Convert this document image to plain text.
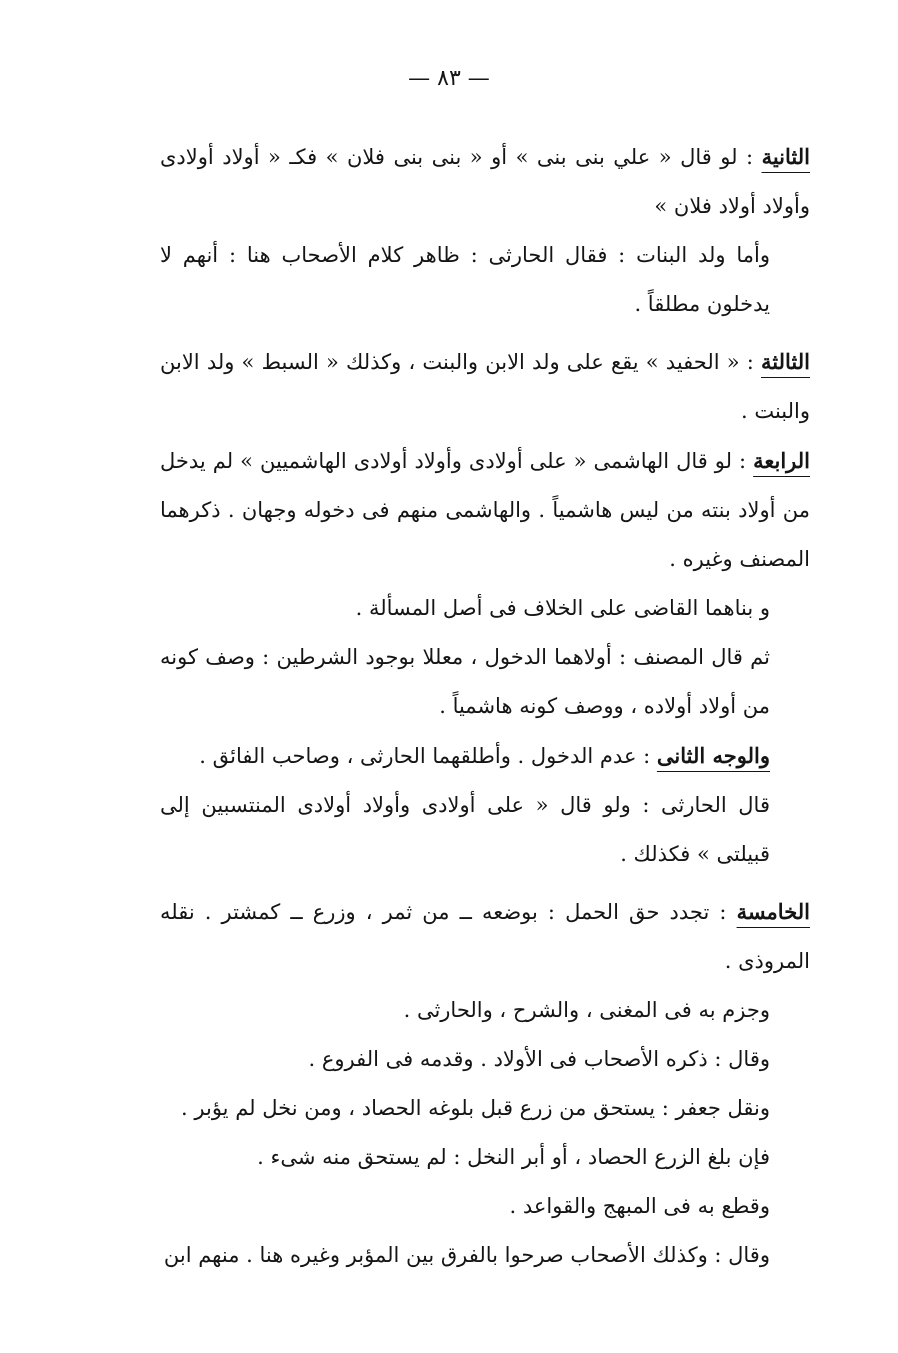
— ٨٣ —

الثانية : لو قال « علي بنى بنى » أو « بنى بنى فلان » فكـ « أولاد أولادى وأولاد أولاد فلان »

وأما ولد البنات : فقال الحارثى : ظاهر كلام الأصحاب هنا : أنهم لا يدخلون مطلقاً .

الثالثة : « الحفيد » يقع على ولد الابن والبنت ، وكذلك « السبط » ولد الابن والبنت .

الرابعة : لو قال الهاشمى « على أولادى وأولاد أولادى الهاشميين » لم يدخل من أولاد بنته من ليس هاشمياً . والهاشمى منهم فى دخوله وجهان . ذكرهما المصنف وغيره .

و بناهما القاضى على الخلاف فى أصل المسألة .

ثم قال المصنف : أولاهما الدخول ، معللا بوجود الشرطين : وصف كونه من أولاد أولاده ، ووصف كونه هاشمياً .

والوجه الثانى : عدم الدخول . وأطلقهما الحارثى ، وصاحب الفائق .

قال الحارثى : ولو قال « على أولادى وأولاد أولادى المنتسبين إلى قبيلتى » فكذلك .

الخامسة : تجدد حق الحمل : بوضعه ــ من ثمر ، وزرع ــ كمشتر . نقله المروذى .

وجزم به فى المغنى ، والشرح ، والحارثى .

وقال : ذكره الأصحاب فى الأولاد . وقدمه فى الفروع .

ونقل جعفر : يستحق من زرع قبل بلوغه الحصاد ، ومن نخل لم يؤبر .

فإن بلغ الزرع الحصاد ، أو أبر النخل : لم يستحق منه شىء .

وقطع به فى المبهج والقواعد .

وقال : وكذلك الأصحاب صرحوا بالفرق بين المؤبر وغيره هنا . منهم ابن
